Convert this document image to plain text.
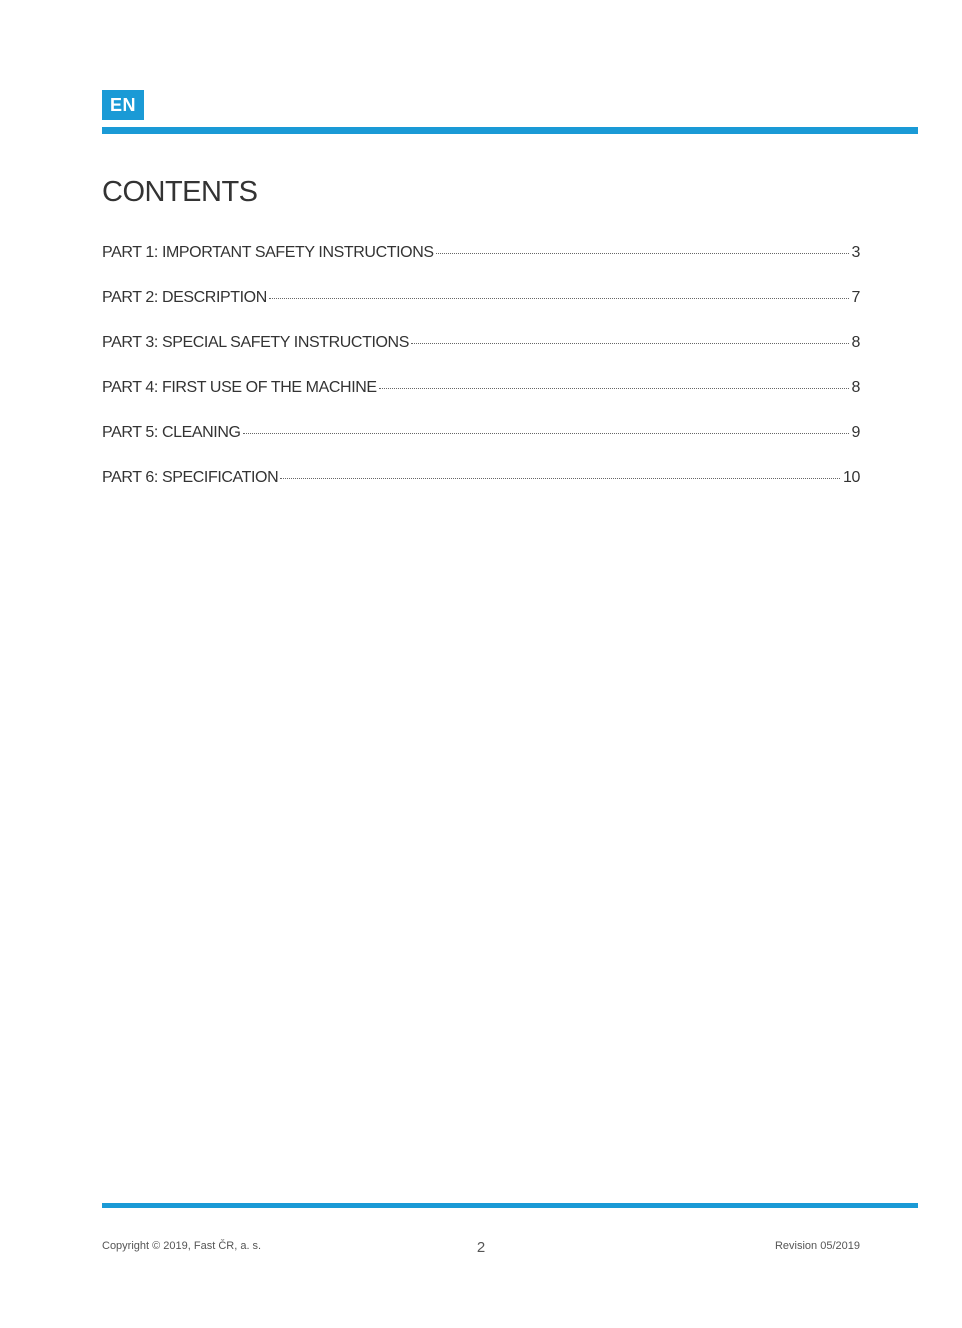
EN
CONTENTS
PART 1: IMPORTANT SAFETY INSTRUCTIONS	3
PART 2: DESCRIPTION	7
PART 3: SPECIAL SAFETY INSTRUCTIONS	8
PART 4: FIRST USE OF THE MACHINE	8
PART 5: CLEANING	9
PART 6: SPECIFICATION	10
Copyright © 2019, Fast ČR, a. s.	2	Revision 05/2019
